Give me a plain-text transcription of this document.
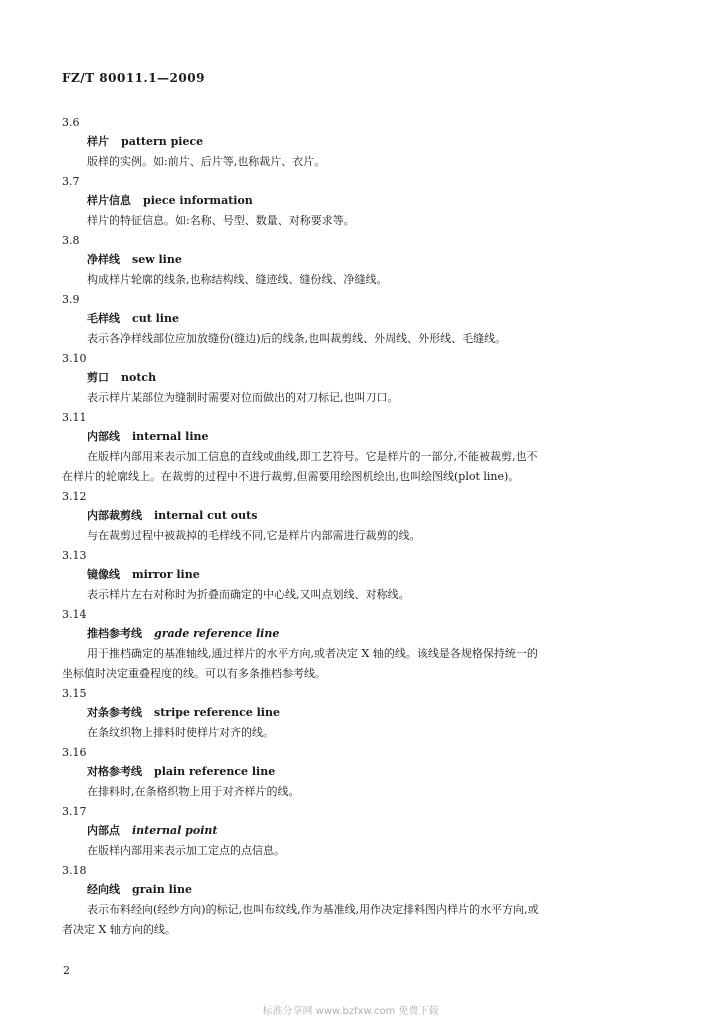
FZ/T 80011.1—2009

3.6

样片 pattern piece

版样的实例。如:前片、后片等,也称裁片、衣片。

3.7

样片信息 piece information

样片的特征信息。如:名称、号型、数量、对称要求等。

3.8

净样线 sew line

构成样片轮廓的线条,也称结构线、缝迹线、缝份线、净缝线。

3.9

毛样线 cut line

表示各净样线部位应加放缝份(缝边)后的线条,也叫裁剪线、外周线、外形线、毛缝线。

3.10

剪口 notch

表示样片某部位为缝制时需要对位而做出的对刀标记,也叫刀口。

3.11

内部线 internal line

在版样内部用来表示加工信息的直线或曲线,即工艺符号。它是样片的一部分,不能被裁剪,也不

在样片的轮廓线上。在裁剪的过程中不进行裁剪,但需要用绘图机绘出,也叫绘图线(plot line)。

3.12

内部裁剪线 internal cut outs

与在裁剪过程中被裁掉的毛样线不同,它是样片内部需进行裁剪的线。

3.13

镜像线 mirror line

表示样片左右对称时为折叠而确定的中心线,又叫点划线、对称线。

3.14

推档参考线 grade reference line

用于推档确定的基准轴线,通过样片的水平方向,或者决定 X 轴的线。该线是各规格保持统一的

坐标值时决定重叠程度的线。可以有多条推档参考线。

3.15

对条参考线 stripe reference line

在条纹织物上排料时使样片对齐的线。

3.16

对格参考线 plain reference line

在排料时,在条格织物上用于对齐样片的线。

3.17

内部点 internal point

在版样内部用来表示加工定点的点信息。

3.18

经向线 grain line

表示布料经向(经纱方向)的标记,也叫布纹线,作为基准线,用作决定排料图内样片的水平方向,或

者决定 X 轴方向的线。

2
标准分享网 www.bzfxw.com 免费下载
